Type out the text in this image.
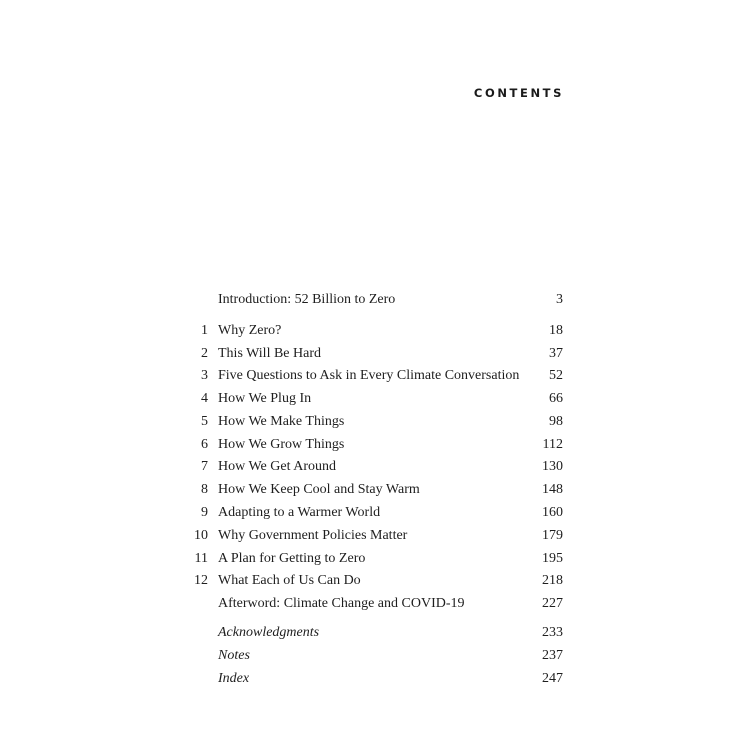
CONTENTS
Introduction: 52 Billion to Zero	3
1 Why Zero?	18
2 This Will Be Hard	37
3 Five Questions to Ask in Every Climate Conversation 52
4 How We Plug In	66
5 How We Make Things	98
6 How We Grow Things	112
7 How We Get Around	130
8 How We Keep Cool and Stay Warm	148
9 Adapting to a Warmer World	160
10 Why Government Policies Matter	179
11 A Plan for Getting to Zero	195
12 What Each of Us Can Do	218
Afterword: Climate Change and COVID-19	227
Acknowledgments	233
Notes	237
Index	247
